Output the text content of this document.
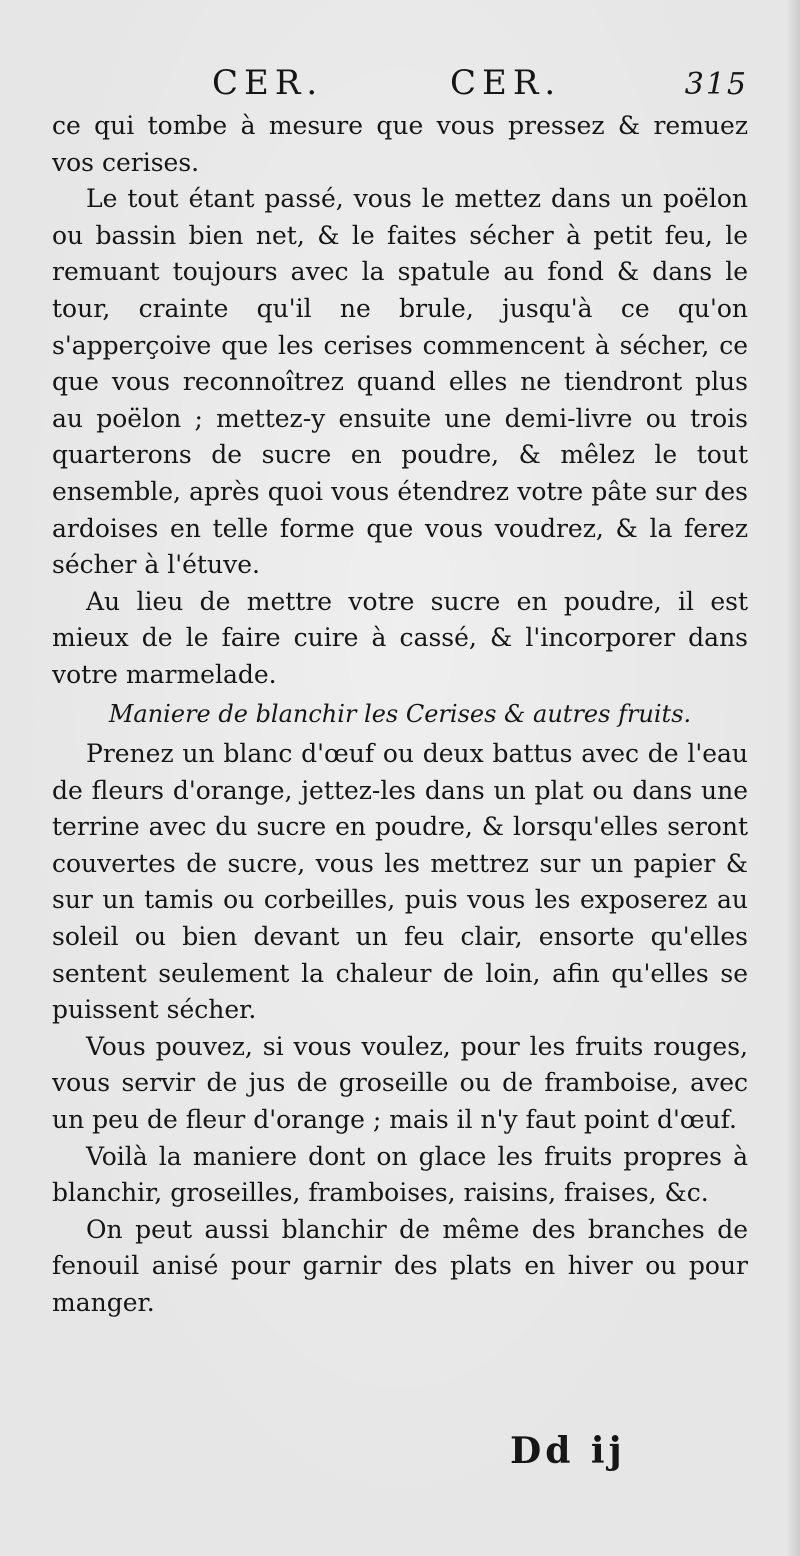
CER.	CER.	315

ce qui tombe à mesure que vous pressez & remuez vos cerises.

Le tout étant passé, vous le mettez dans un poëlon ou bassin bien net, & le faites sécher à petit feu, le remuant toujours avec la spatule au fond & dans le tour, crainte qu'il ne brule, jusqu'à ce qu'on s'apperçoive que les cerises commencent à sécher, ce que vous reconnoîtrez quand elles ne tiendront plus au poëlon ; mettez-y ensuite une demi-livre ou trois quarterons de sucre en poudre, & mêlez le tout ensemble, après quoi vous étendrez votre pâte sur des ardoises en telle forme que vous voudrez, & la ferez sécher à l'étuve.

Au lieu de mettre votre sucre en poudre, il est mieux de le faire cuire à cassé, & l'incorporer dans votre marmelade.

Maniere de blanchir les Cerises & autres fruits.

Prenez un blanc d'œuf ou deux battus avec de l'eau de fleurs d'orange, jettez-les dans un plat ou dans une terrine avec du sucre en poudre, & lorsqu'elles seront couvertes de sucre, vous les mettrez sur un papier & sur un tamis ou corbeilles, puis vous les exposerez au soleil ou bien devant un feu clair, ensorte qu'elles sentent seulement la chaleur de loin, afin qu'elles se puissent sécher.

Vous pouvez, si vous voulez, pour les fruits rouges, vous servir de jus de groseille ou de framboise, avec un peu de fleur d'orange ; mais il n'y faut point d'œuf.

Voilà la maniere dont on glace les fruits propres à blanchir, groseilles, framboises, raisins, fraises, &c.

On peut aussi blanchir de même des branches de fenouil anisé pour garnir des plats en hiver ou pour manger.

Dd ij
